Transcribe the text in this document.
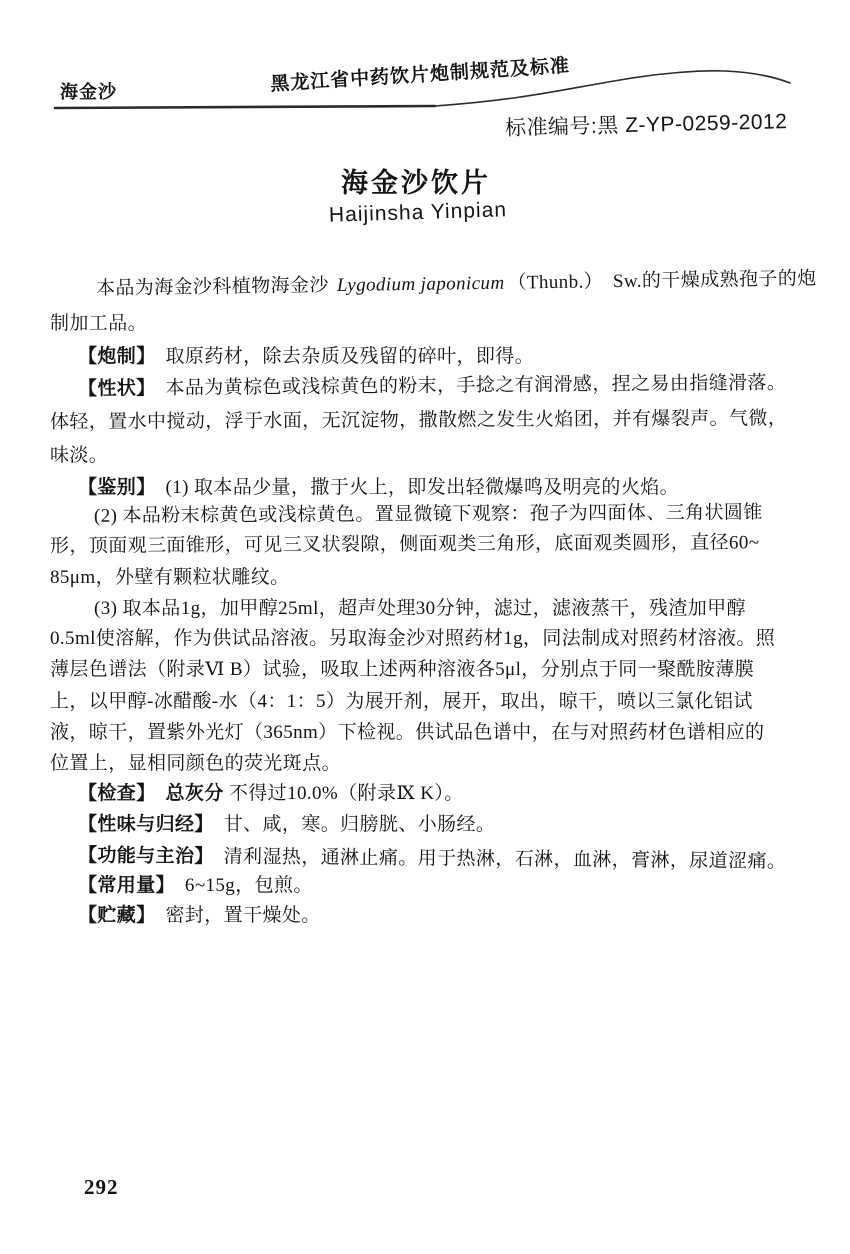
海金沙	黑龙江省中药饮片炮制规范及标准
标准编号:黑 Z-YP-0259-2012
海金沙饮片
Haijinsha Yinpian
本品为海金沙科植物海金沙 Lygodium japonicum （Thunb.）　Sw.的干燥成熟孢子的炮
制加工品。
【炮制】　取原药材，除去杂质及残留的碎叶，即得。
【性状】　本品为黄棕色或浅棕黄色的粉末，手捻之有润滑感，捏之易由指缝滑落。
体轻，置水中搅动，浮于水面，无沉淀物，撒散燃之发生火焰团，并有爆裂声。气微，
味淡。
【鉴别】　(1) 取本品少量，撒于火上，即发出轻微爆鸣及明亮的火焰。
(2) 本品粉末棕黄色或浅棕黄色。置显微镜下观察：孢子为四面体、三角状圆锥
形，顶面观三面锥形，可见三叉状裂隙，侧面观类三角形，底面观类圆形，直径60~
85μm，外壁有颗粒状雕纹。
(3) 取本品1g，加甲醇25ml，超声处理30分钟，滤过，滤液蒸干，残渣加甲醇
0.5ml使溶解，作为供试品溶液。另取海金沙对照药材1g，同法制成对照药材溶液。照
薄层色谱法（附录Ⅵ B）试验，吸取上述两种溶液各5μl，分别点于同一聚酰胺薄膜
上，以甲醇-冰醋酸-水（4：1：5）为展开剂，展开，取出，晾干，喷以三氯化铝试
液，晾干，置紫外光灯（365nm）下检视。供试品色谱中，在与对照药材色谱相应的
位置上，显相同颜色的荧光斑点。
【检查】　 总灰分 不得过10.0%（附录Ⅸ K）。
【性味与归经】　甘、咸，寒。归膀胱、小肠经。
【功能与主治】　清利湿热，通淋止痛。用于热淋，石淋，血淋，膏淋，尿道涩痛。
【常用量】　6~15g，包煎。
【贮藏】　密封，置干燥处。
292
